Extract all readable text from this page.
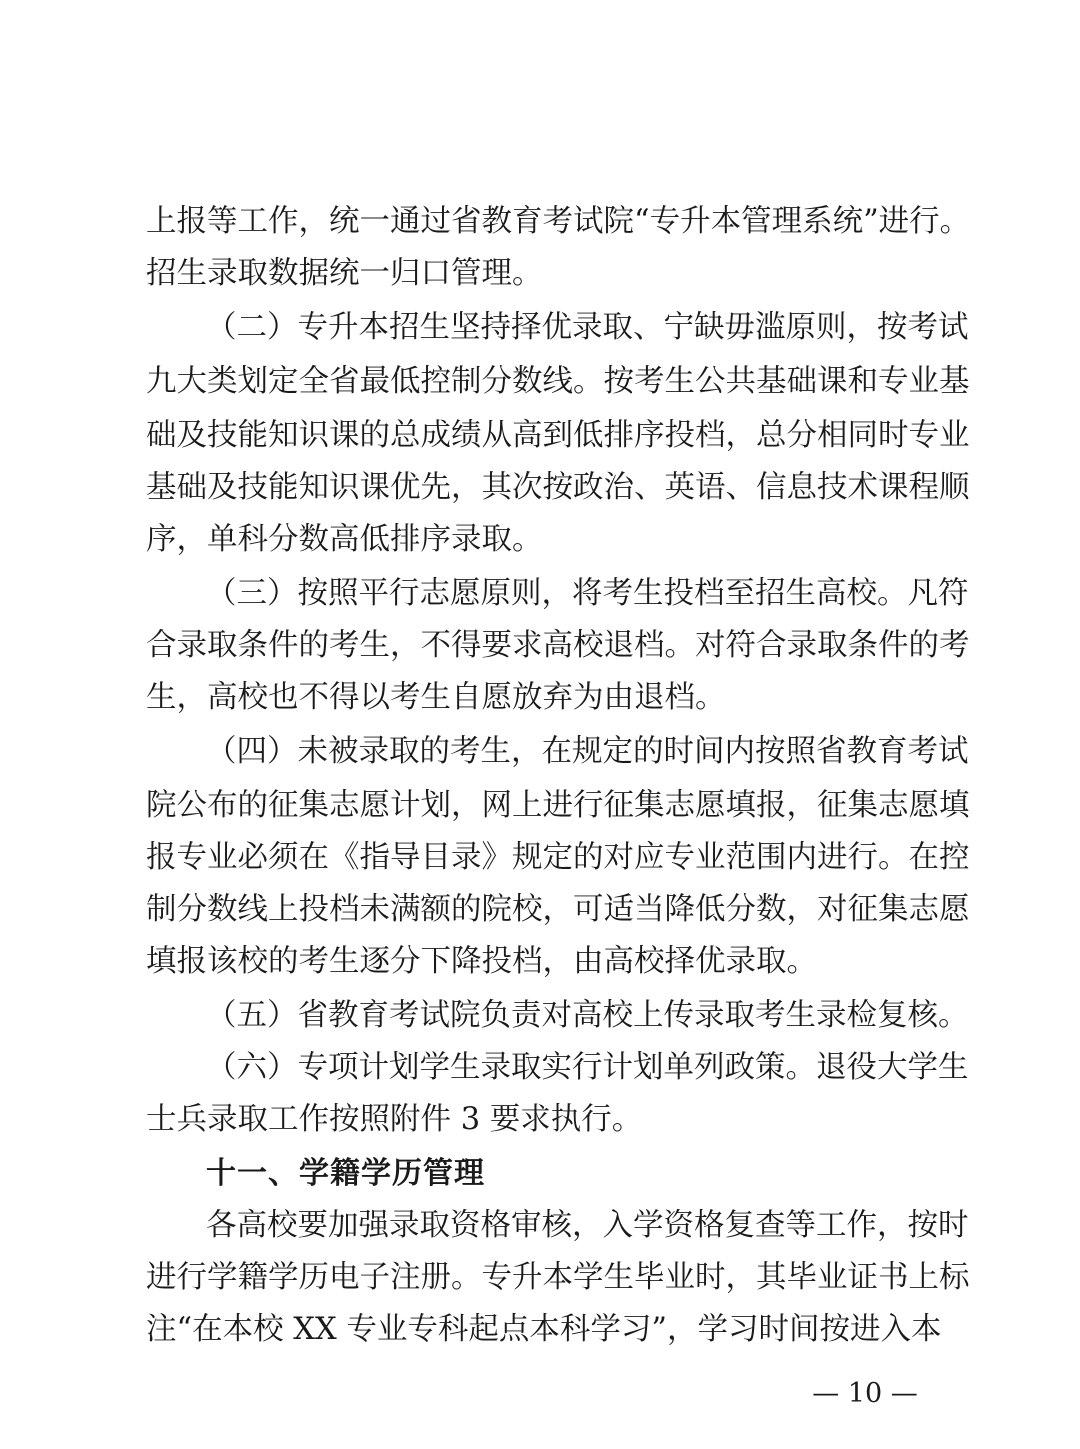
上报等工作，统一通过省教育考试院“专升本管理系统”进行。
招生录取数据统一归口管理。
（二）专升本招生坚持择优录取、宁缺毋滥原则，按考试
九大类划定全省最低控制分数线。按考生公共基础课和专业基
础及技能知识课的总成绩从高到低排序投档，总分相同时专业
基础及技能知识课优先，其次按政治、英语、信息技术课程顺
序，单科分数高低排序录取。
（三）按照平行志愿原则，将考生投档至招生高校。凡符
合录取条件的考生，不得要求高校退档。对符合录取条件的考
生，高校也不得以考生自愿放弃为由退档。
（四）未被录取的考生，在规定的时间内按照省教育考试
院公布的征集志愿计划，网上进行征集志愿填报，征集志愿填
报专业必须在《指导目录》规定的对应专业范围内进行。在控
制分数线上投档未满额的院校，可适当降低分数，对征集志愿
填报该校的考生逐分下降投档，由高校择优录取。
（五）省教育考试院负责对高校上传录取考生录检复核。
（六）专项计划学生录取实行计划单列政策。退役大学生
士兵录取工作按照附件 3 要求执行。
十一、学籍学历管理
各高校要加强录取资格审核，入学资格复查等工作，按时
进行学籍学历电子注册。专升本学生毕业时，其毕业证书上标
注“在本校 XX 专业专科起点本科学习”，学习时间按进入本
— 10 —
